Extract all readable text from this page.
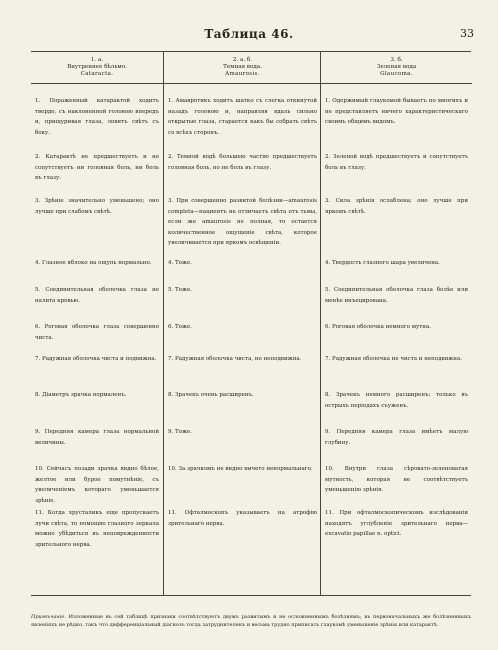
Таблица 46.	33
1. а.
Внутреннее бѣльмо.
Cataracta.
1. Пораженный катарактой ходитъ твердо, съ наклоненной головою впередъ и, прищуривая глаза, ловитъ свѣтъ съ боку.
2. Катарактѣ не предшествуетъ и не сопутствуетъ ни головная боль, ни боль въ глазу.
3. Зрѣніе значительно уменьшено; оно лучше при слабомъ свѣтѣ.
4. Глазное яблоко на ощупь нормально.
5. Соединительная оболочка глаза не налита кровью.
6. Роговая оболочка глаза совершенно чиста.
7. Радужная оболочка чиста и подвижна.
8. Діаметръ зрачка нормаленъ.
9. Передняя камера глаза нормальной величины.
10. Сейчасъ позади зрачка видно бѣлое, желтое или бурое помутнѣніе, съ увеличеніемъ котораго уменьшается зрѣніе.
11. Когда хрусталикъ еще пропускаетъ лучи свѣта, то помощію глазного зеркала можно убѣдиться въ неповрежденности зрительного нерва.
2. а. б.
Темная вода.
Amaurosis.
1. Амавротикъ ходитъ шатко съ слегка откинутой назадъ головою и, направляя вдаль сильно открытые глаза, старается какъ бы собрать свѣтъ со всѣхъ сторонъ.
2. Темной водѣ большею частію предшествуетъ головная боль, но не боль въ глазу.
3. При совершенно развитой болѣзни—amaurosis completa—пациентъ не отличаетъ свѣта отъ тьмы, если же amaurosis не полная, то остается количественное ощущеніе свѣта, которое увеличивается при яркомъ освѣщеніи.
4. Тоже.
5. Тоже.
6. Тоже.
7. Радужная оболочка чиста, но неподвижна.
8. Зрачекъ очень расширенъ.
9. Тоже.
10. За зрачкомъ не видно ничего ненормальнаго.
11. Офталмоскопъ указываетъ на атрофію зрительнаго нерва.
3. б.
Зеленая вода
Glaucoma.
1. Одержимый глаукомой бываетъ по многихъ и не представляетъ ничего характеристическаго своимъ общимъ видомъ.
2. Зеленой водѣ предшествуетъ и сопутствуетъ боль въ глазу.
3. Сила зрѣнія ослаблена; оно лучше при яркомъ свѣтѣ.
4. Твердость глазного шара увеличена.
5. Соединительная оболочка глаза болѣе или менѣе инъецирована.
6. Роговая оболочка немного мутна.
7. Радужная оболочка не чиста и неподвижна.
8. Зрачекъ немного расширенъ; только въ острыхъ періодахъ съуженъ.
9. Передняя камера глаза имѣетъ малую глубину.
10. Внутри глаза сѣровато-зеленоватая мутность, которая не соотвѣтствуетъ уменьшенію зрѣнія.
11. При офталмоскопическомъ изслѣдованіи находятъ углубленіе зрительнаго нерва—excavatio papillae n. optici.
Примѣчаніе. Изложенные въ сей таблицѣ признаки соотвѣтствуютъ двумъ развитымъ и не осложненнымъ болѣзнямъ; въ первоначальныхъ же болѣзненныхъ явленіяхъ не рѣдко, такъ что дифференціальный діагнозъ тогда затруднителенъ и весьма трудно приписать глаукомѣ уменьшеніе зрѣнія или катарактѣ.
